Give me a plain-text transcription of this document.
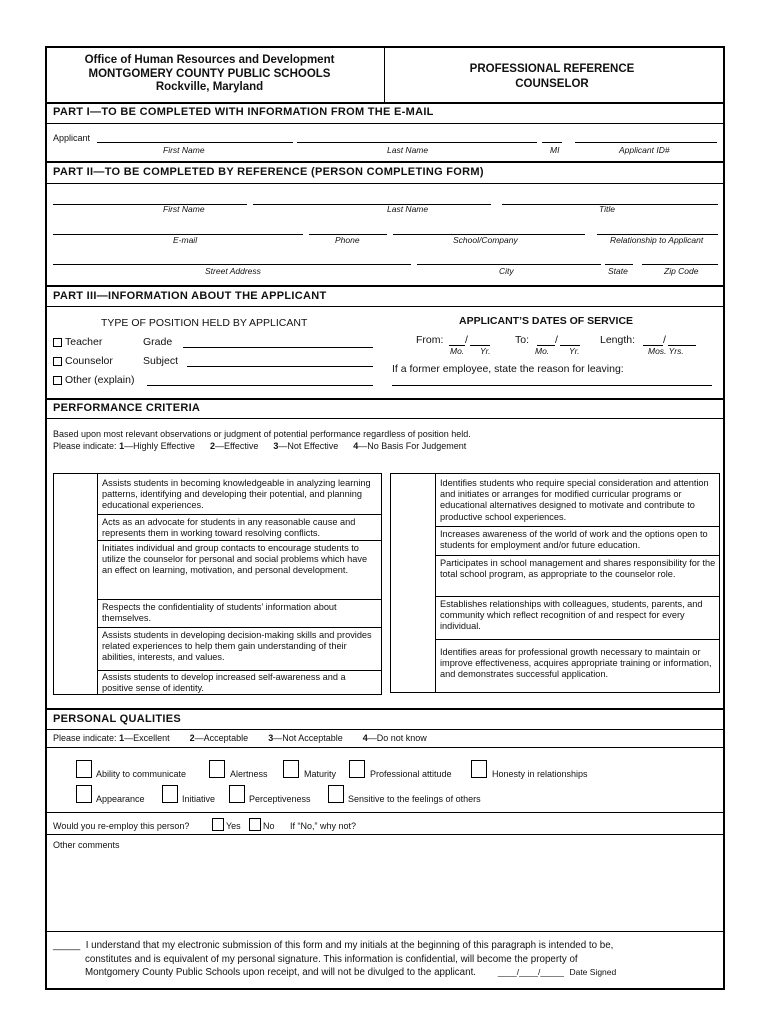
Office of Human Resources and Development
MONTGOMERY COUNTY PUBLIC SCHOOLS
Rockville, Maryland
PROFESSIONAL REFERENCE
COUNSELOR
PART I—TO BE COMPLETED WITH INFORMATION FROM THE E-MAIL
Applicant
First Name	Last Name	MI	Applicant ID#
PART II—TO BE COMPLETED BY REFERENCE (PERSON COMPLETING FORM)
First Name	Last Name	Title
E-mail	Phone	School/Company	Relationship to Applicant
Street Address	City	State	Zip Code
PART III—INFORMATION ABOUT THE APPLICANT
TYPE OF POSITION HELD BY APPLICANT
Teacher	Grade
Counselor	Subject
Other (explain)
APPLICANT’S DATES OF SERVICE
From: /	To: /	Length:	/
Mo. Yr.	Mo. Yr.	Mos. Yrs.
If a former employee, state the reason for leaving:
PERFORMANCE CRITERIA
Based upon most relevant observations or judgment of potential performance regardless of position held.
Please indicate: 1—Highly Effective 2—Effective 3—Not Effective 4—No Basis For Judgement
Assists students in becoming knowledgeable in analyzing learning patterns, identifying and developing their potential, and planning educational experiences.
Acts as an advocate for students in any reasonable cause and represents them in working toward resolving conflicts.
Initiates individual and group contacts to encourage students to utilize the counselor for personal and social problems which have an effect on learning, motivation, and personal development.
Respects the confidentiality of students’ information about themselves.
Assists students in developing decision-making skills and provides related experiences to help them gain understanding of their abilities, interests, and values.
Assists students to develop increased self-awareness and a positive sense of identity.
Identifies students who require special consideration and attention and initiates or arranges for modified curricular programs or educational alternatives designed to motivate and contribute to productive school experiences.
Increases awareness of the world of work and the options open to students for employment and/or future education.
Participates in school management and shares responsibility for the total school program, as appropriate to the counselor role.
Establishes relationships with colleagues, students, parents, and community which reflect recognition of and respect for every individual.
Identifies areas for professional growth necessary to maintain or improve effectiveness, acquires appropriate training or information, and demonstrates successful application.
PERSONAL QUALITIES
Please indicate: 1—Excellent 2—Acceptable 3—Not Acceptable 4—Do not know
Ability to communicate	Alertness	Maturity	Professional attitude	Honesty in relationships
Appearance	Initiative	Perceptiveness	Sensitive to the feelings of others
Would you re-employ this person?	Yes No If “No,” why not?
Other comments
_____ I understand that my electronic submission of this form and my initials at the beginning of this paragraph is intended to be,
constitutes and is equivalent of my personal signature. This information is confidential, will become the property of
Montgomery County Public Schools upon receipt, and will not be divulged to the applicant.	____/____/_____ Date Signed
